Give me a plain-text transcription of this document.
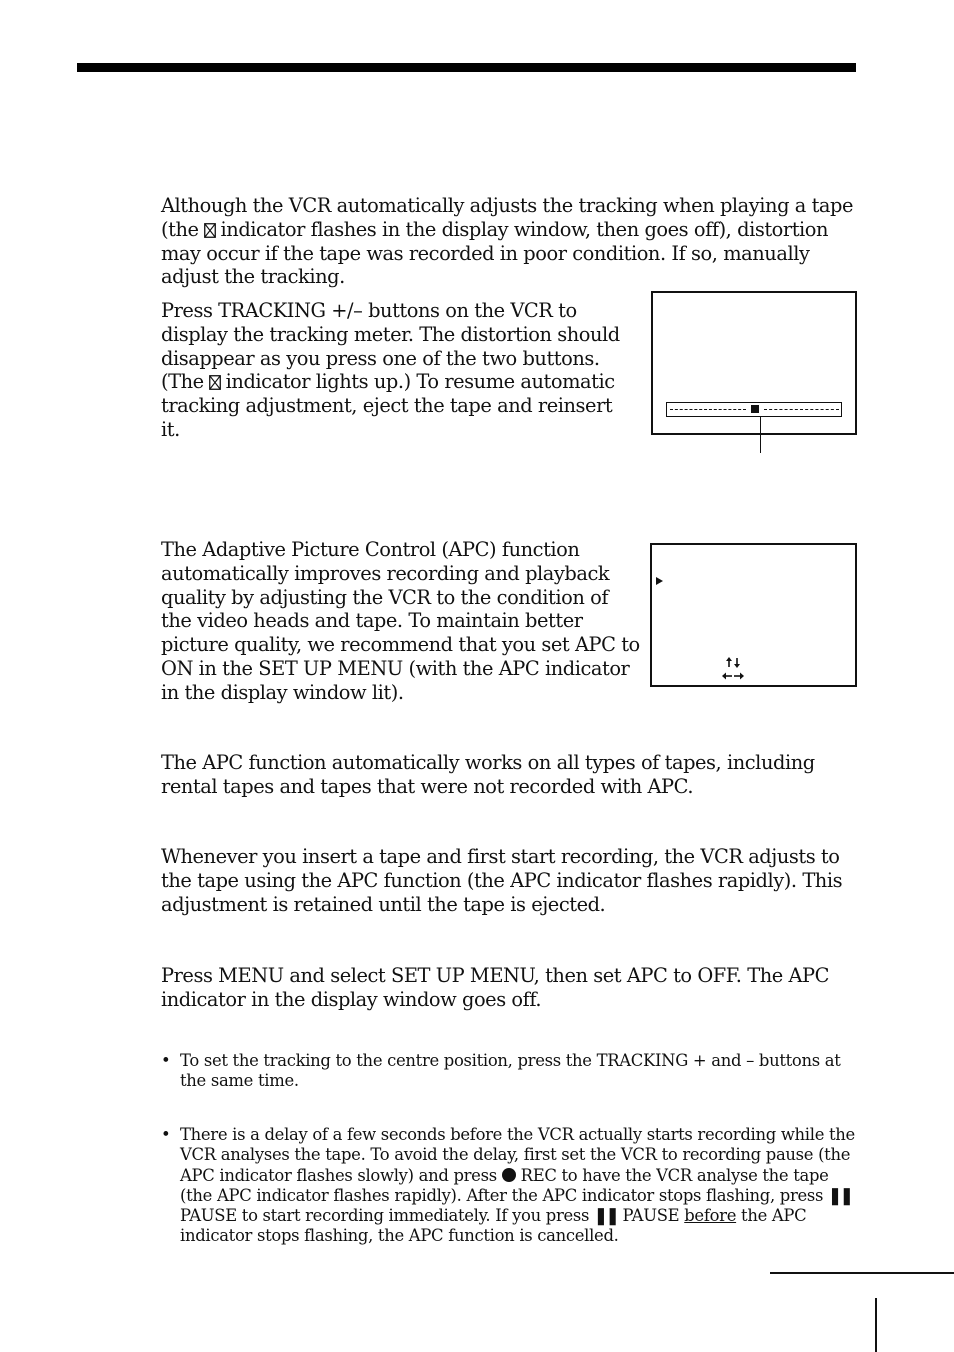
Although the VCR automatically adjusts the tracking when playing a tape (the indicator flashes in the display window, then goes off), distortion may occur if the tape was recorded in poor condition. If so, manually adjust the tracking.

Press TRACKING +/– buttons on the VCR to display the tracking meter. The distortion should disappear as you press one of the two buttons. (The indicator lights up.) To resume automatic tracking adjustment, eject the tape and reinsert it.

The Adaptive Picture Control (APC) function automatically improves recording and playback quality by adjusting the VCR to the condition of the video heads and tape. To maintain better picture quality, we recommend that you set APC to ON in the SET UP MENU (with the APC indicator in the display window lit).

The APC function automatically works on all types of tapes, including rental tapes and tapes that were not recorded with APC.

Whenever you insert a tape and first start recording, the VCR adjusts to the tape using the APC function (the APC indicator flashes rapidly). This adjustment is retained until the tape is ejected.

Press MENU and select SET UP MENU, then set APC to OFF. The APC indicator in the display window goes off.

• To set the tracking to the centre position, press the TRACKING + and – buttons at the same time.

• There is a delay of a few seconds before the VCR actually starts recording while the VCR analyses the tape. To avoid the delay, first set the VCR to recording pause (the APC indicator flashes slowly) and press REC to have the VCR analyse the tape (the APC indicator flashes rapidly). After the APC indicator stops flashing, press ❚❚ PAUSE to start recording immediately. If you press ❚❚ PAUSE before the APC indicator stops flashing, the APC function is cancelled.
